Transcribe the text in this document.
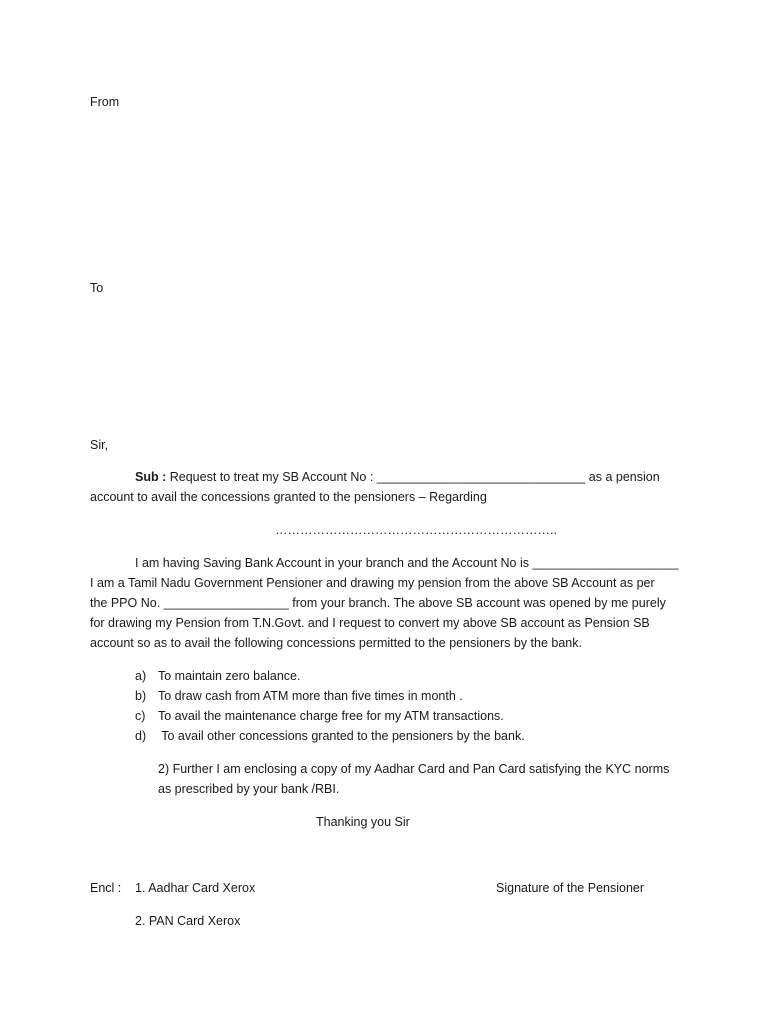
From
To
Sir,
Sub : Request to treat my SB Account No : ______________________________ as a pension
account to avail the concessions granted to the pensioners – Regarding
…………………………………………………………..
I am having Saving Bank Account in your branch and the Account No is _____________________
I am a Tamil Nadu Government Pensioner and drawing my pension from the above SB Account as per
the PPO No. __________________ from your branch. The above SB account was opened by me purely
for drawing my Pension from T.N.Govt. and I request to convert my above SB account as Pension SB
account so as to avail the following concessions permitted to the pensioners by the bank.
a) To maintain zero balance.
b) To draw cash from ATM more than five times in month .
c) To avail the maintenance charge free for my ATM transactions.
d) To avail other concessions granted to the pensioners by the bank.
2) Further I am enclosing a copy of my Aadhar Card and Pan Card satisfying the KYC norms
as prescribed by your bank /RBI.
Thanking you Sir
Encl : 1. Aadhar Card Xerox
2. PAN Card Xerox
Signature of the Pensioner
